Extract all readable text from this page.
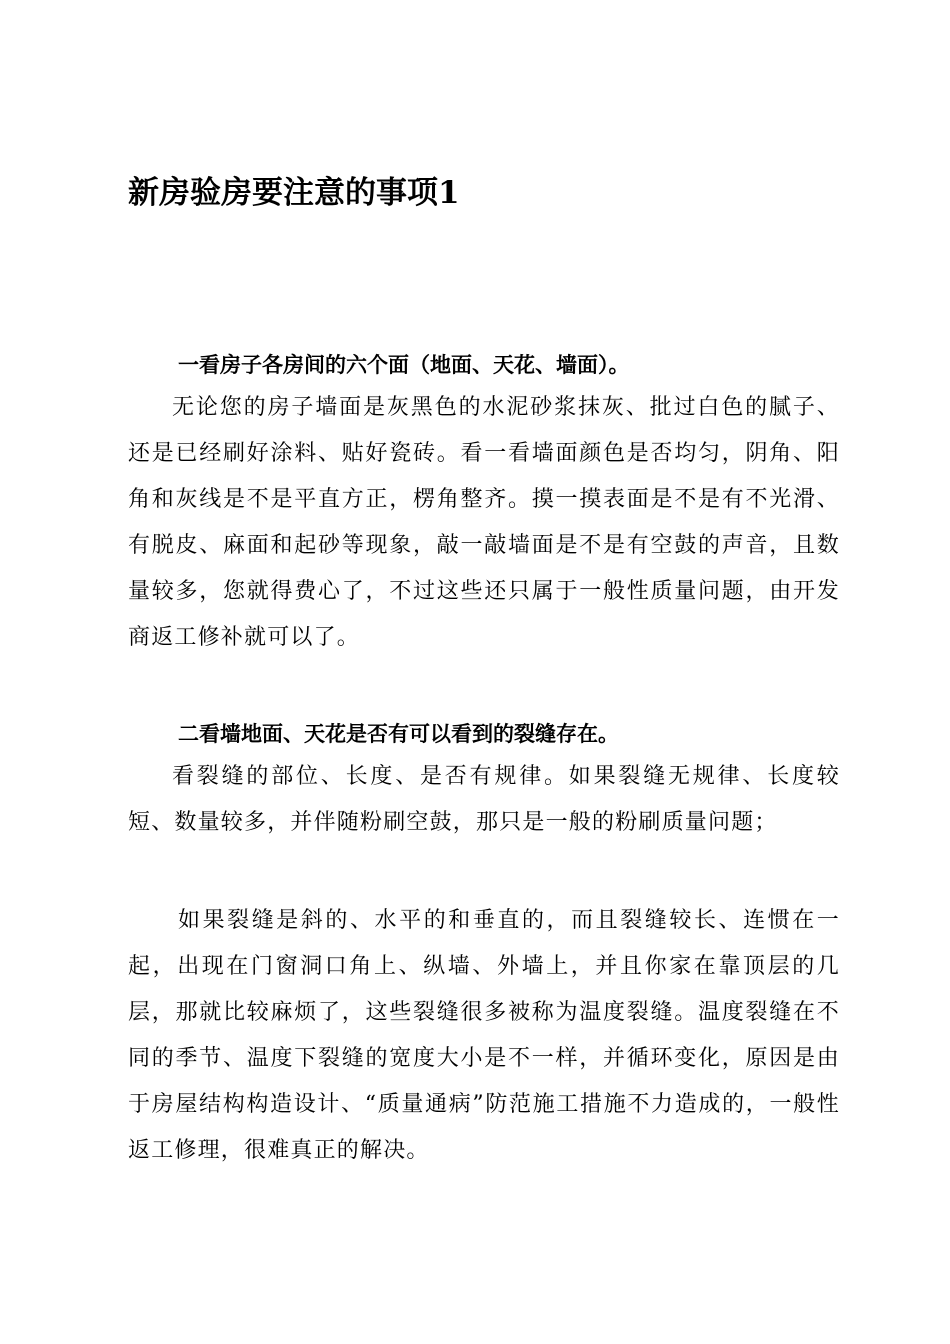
新房验房要注意的事项1

一看房子各房间的六个面（地面、天花、墙面）。

无论您的房子墙面是灰黑色的水泥砂浆抹灰、批过白色的腻子、还是已经刷好涂料、贴好瓷砖。看一看墙面颜色是否均匀，阴角、阳角和灰线是不是平直方正，楞角整齐。摸一摸表面是不是有不光滑、有脱皮、麻面和起砂等现象，敲一敲墙面是不是有空鼓的声音，且数量较多，您就得费心了，不过这些还只属于一般性质量问题，由开发商返工修补就可以了。

二看墙地面、天花是否有可以看到的裂缝存在。

看裂缝的部位、长度、是否有规律。如果裂缝无规律、长度较短、数量较多，并伴随粉刷空鼓，那只是一般的粉刷质量问题；

如果裂缝是斜的、水平的和垂直的，而且裂缝较长、连惯在一起，出现在门窗洞口角上、纵墙、外墙上，并且你家在靠顶层的几层，那就比较麻烦了，这些裂缝很多被称为温度裂缝。温度裂缝在不同的季节、温度下裂缝的宽度大小是不一样，并循环变化，原因是由于房屋结构构造设计、“质量通病”防范施工措施不力造成的，一般性返工修理，很难真正的解决。
